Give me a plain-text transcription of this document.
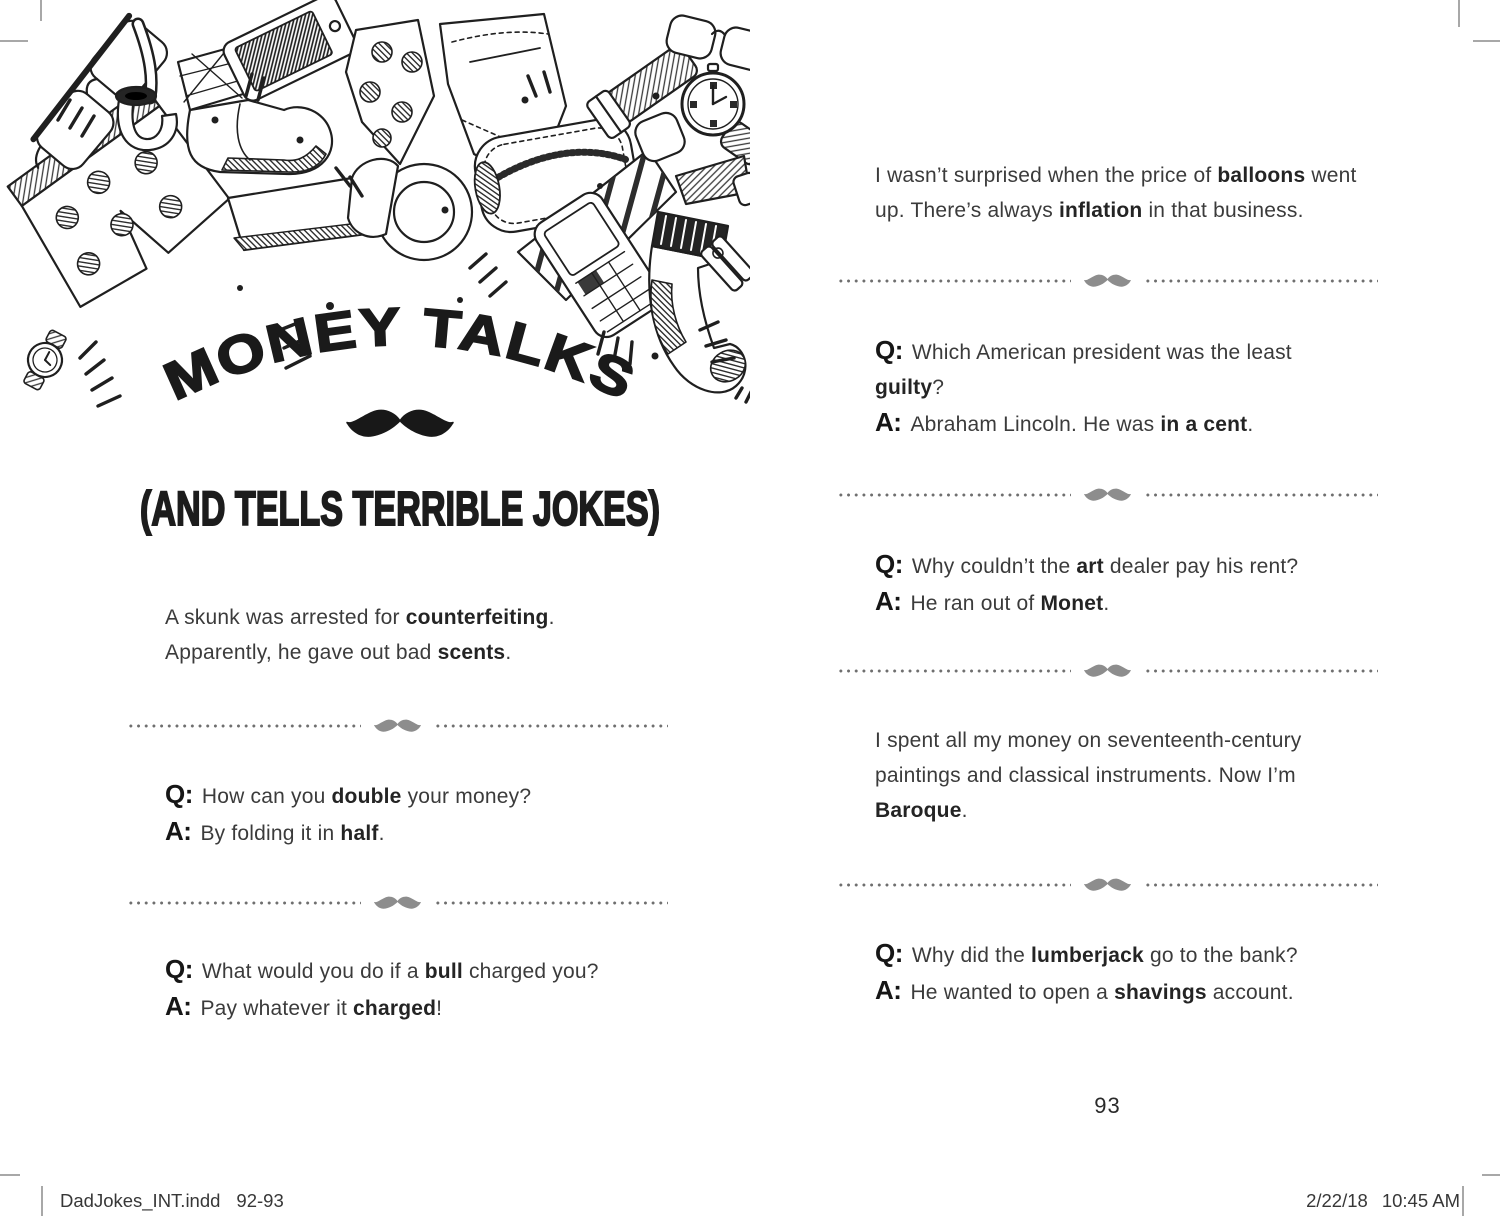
MONEY TALKS
(AND TELLS TERRIBLE JOKES)
A skunk was arrested for counterfeiting.
Apparently, he gave out bad scents.
Q: How can you double your money?
A: By folding it in half.
Q: What would you do if a bull charged you?
A: Pay whatever it charged!
I wasn’t surprised when the price of balloons went
up. There’s always inflation in that business.
Q: Which American president was the least
guilty?
A: Abraham Lincoln. He was in a cent.
Q: Why couldn’t the art dealer pay his rent?
A: He ran out of Monet.
I spent all my money on seventeenth-century
paintings and classical instruments. Now I’m
Baroque.
Q: Why did the lumberjack go to the bank?
A: He wanted to open a shavings account.
93
DadJokes_INT.indd 92-93	2/22/18 10:45 AM
